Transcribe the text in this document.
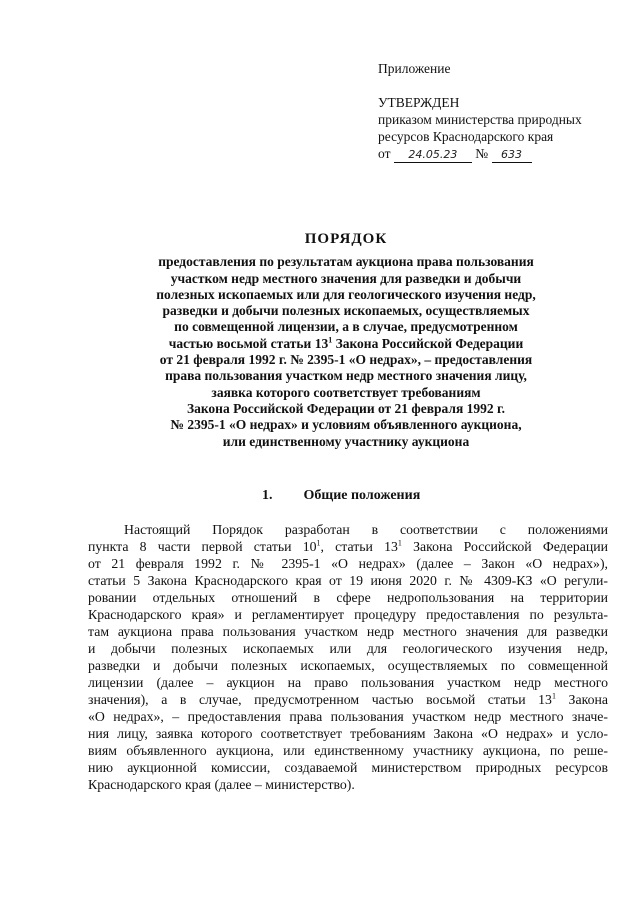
Приложение
УТВЕРЖДЕН
приказом министерства природных
ресурсов Краснодарского края
от 24.05.23 № 633
ПОРЯДОК
предоставления по результатам аукциона права пользования
участком недр местного значения для разведки и добычи
полезных ископаемых или для геологического изучения недр,
разведки и добычи полезных ископаемых, осуществляемых
по совмещенной лицензии, а в случае, предусмотренном
частью восьмой статьи $13^1$ Закона Российской Федерации
от 21 февраля 1992 г. № 2395-1 «О недрах», – предоставления
права пользования участком недр местного значения лицу,
заявка которого соответствует требованиям
Закона Российской Федерации от 21 февраля 1992 г.
№ 2395-1 «О недрах» и условиям объявленного аукциона,
или единственному участнику аукциона
1. Общие положения
Настоящий Порядок разработан в соответствии с положениями
пункта 8 части первой статьи $10^1$, статьи $13^1$ Закона Российской Федерации
от 21 февраля 1992 г. № 2395-1 «О недрах» (далее – Закон «О недрах»),
статьи 5 Закона Краснодарского края от 19 июня 2020 г. № 4309-КЗ «О регули-
ровании отдельных отношений в сфере недропользования на территории
Краснодарского края» и регламентирует процедуру предоставления по результа-
там аукциона права пользования участком недр местного значения для разведки
и добычи полезных ископаемых или для геологического изучения недр,
разведки и добычи полезных ископаемых, осуществляемых по совмещенной
лицензии (далее – аукцион на право пользования участком недр местного
значения), а в случае, предусмотренном частью восьмой статьи $13^1$ Закона
«О недрах», – предоставления права пользования участком недр местного значе-
ния лицу, заявка которого соответствует требованиям Закона «О недрах» и усло-
виям объявленного аукциона, или единственному участнику аукциона, по реше-
нию аукционной комиссии, создаваемой министерством природных ресурсов
Краснодарского края (далее – министерство).
